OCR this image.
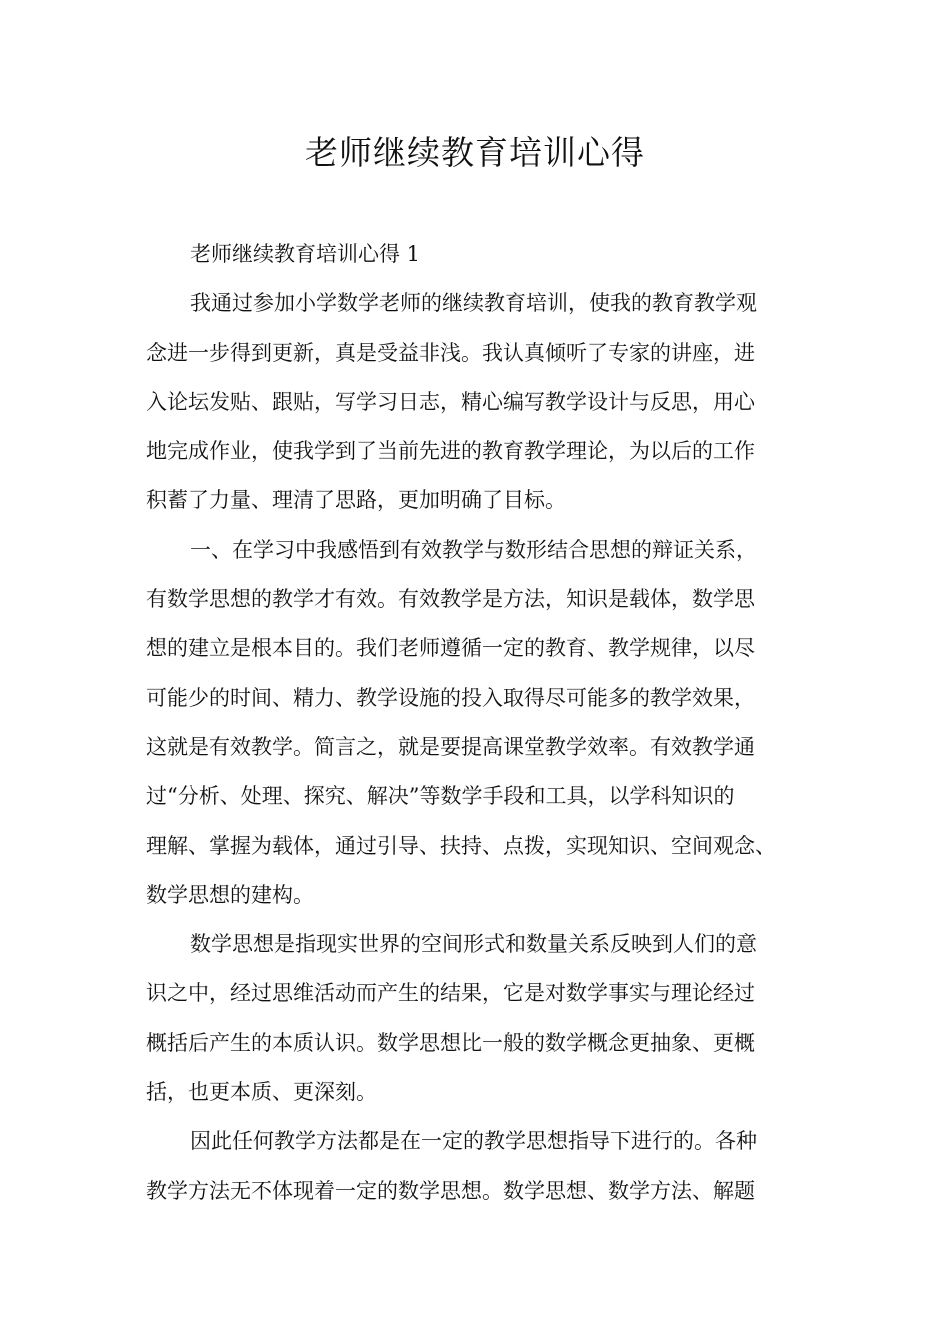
老师继续教育培训心得
老师继续教育培训心得 1
我通过参加小学数学老师的继续教育培训，使我的教育教学观
念进一步得到更新，真是受益非浅。我认真倾听了专家的讲座，进
入论坛发贴、跟贴，写学习日志，精心编写教学设计与反思，用心
地完成作业，使我学到了当前先进的教育教学理论，为以后的工作
积蓄了力量、理清了思路，更加明确了目标。
一、在学习中我感悟到有效教学与数形结合思想的辩证关系，
有数学思想的教学才有效。有效教学是方法，知识是载体，数学思
想的建立是根本目的。我们老师遵循一定的教育、教学规律，以尽
可能少的时间、精力、教学设施的投入取得尽可能多的教学效果，
这就是有效教学。简言之，就是要提高课堂教学效率。有效教学通
过“分析、处理、探究、解决”等数学手段和工具，以学科知识的
理解、掌握为载体，通过引导、扶持、点拨，实现知识、空间观念、
数学思想的建构。
数学思想是指现实世界的空间形式和数量关系反映到人们的意
识之中，经过思维活动而产生的结果，它是对数学事实与理论经过
概括后产生的本质认识。数学思想比一般的数学概念更抽象、更概
括，也更本质、更深刻。
因此任何教学方法都是在一定的教学思想指导下进行的。各种
教学方法无不体现着一定的数学思想。数学思想、数学方法、解题
